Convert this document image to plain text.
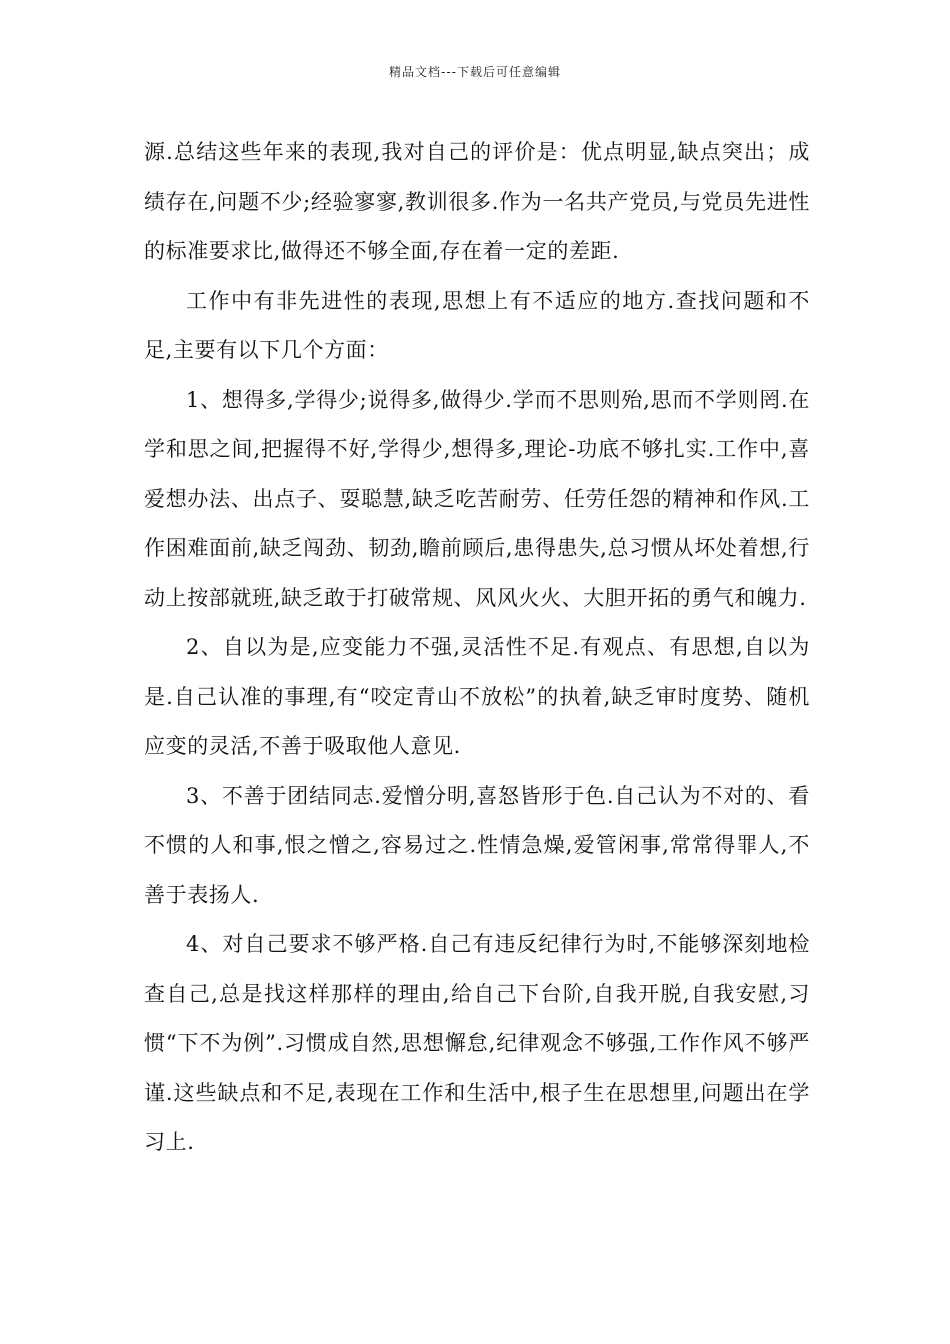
精品文档---下载后可任意编辑

源.总结这些年来的表现,我对自己的评价是：优点明显,缺点突出；成绩存在,问题不少;经验寥寥,教训很多.作为一名共产党员,与党员先进性的标准要求比,做得还不够全面,存在着一定的差距.

工作中有非先进性的表现,思想上有不适应的地方.查找问题和不足,主要有以下几个方面：

1、想得多,学得少;说得多,做得少.学而不思则殆,思而不学则罔.在学和思之间,把握得不好,学得少,想得多,理论-功底不够扎实.工作中,喜爱想办法、出点子、耍聪慧,缺乏吃苦耐劳、任劳任怨的精神和作风.工作困难面前,缺乏闯劲、韧劲,瞻前顾后,患得患失,总习惯从坏处着想,行动上按部就班,缺乏敢于打破常规、风风火火、大胆开拓的勇气和魄力.

2、自以为是,应变能力不强,灵活性不足.有观点、有思想,自以为是.自己认准的事理,有“咬定青山不放松”的执着,缺乏审时度势、随机应变的灵活,不善于吸取他人意见.

3、不善于团结同志.爱憎分明,喜怒皆形于色.自己认为不对的、看不惯的人和事,恨之憎之,容易过之.性情急燥,爱管闲事,常常得罪人,不善于表扬人.

4、对自己要求不够严格.自己有违反纪律行为时,不能够深刻地检查自己,总是找这样那样的理由,给自己下台阶,自我开脱,自我安慰,习惯“下不为例”.习惯成自然,思想懈怠,纪律观念不够强,工作作风不够严谨.这些缺点和不足,表现在工作和生活中,根子生在思想里,问题出在学习上.
